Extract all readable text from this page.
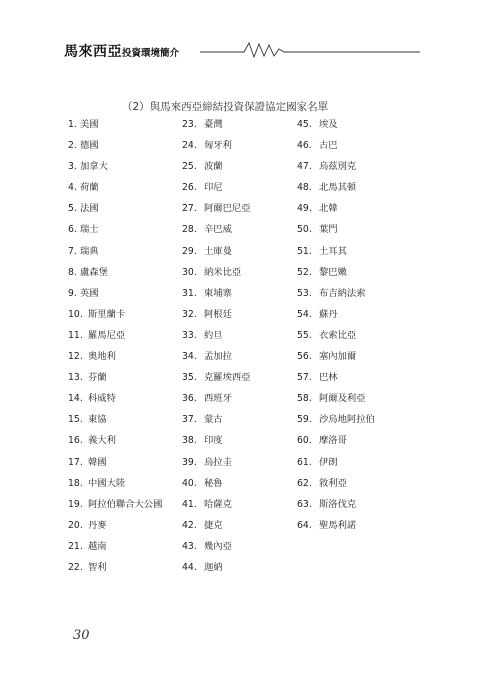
馬來西亞投資環境簡介
（2）與馬來西亞締結投資保證協定國家名單
1. 美國
2. 德國
3. 加拿大
4. 荷蘭
5. 法國
6. 瑞士
7. 瑞典
8. 盧森堡
9. 英國
10. 斯里蘭卡
11. 羅馬尼亞
12. 奧地利
13. 芬蘭
14. 科威特
15. 東協
16. 義大利
17. 韓國
18. 中國大陸
19. 阿拉伯聯合大公國
20. 丹麥
21. 越南
22. 智利
23. 臺灣
24. 匈牙利
25. 波蘭
26. 印尼
27. 阿爾巴尼亞
28. 辛巴威
29. 土庫曼
30. 納米比亞
31. 柬埔寨
32. 阿根廷
33. 約旦
34. 孟加拉
35. 克羅埃西亞
36. 西班牙
37. 蒙古
38. 印度
39. 烏拉圭
40. 秘魯
41. 哈薩克
42. 捷克
43. 幾內亞
44. 迦納
45. 埃及
46. 古巴
47. 烏茲別克
48. 北馬其頓
49. 北韓
50. 葉門
51. 土耳其
52. 黎巴嫩
53. 布吉納法索
54. 蘇丹
55. 衣索比亞
56. 塞內加爾
57. 巴林
58. 阿爾及利亞
59. 沙烏地阿拉伯
60. 摩洛哥
61. 伊朗
62. 敘利亞
63. 斯洛伐克
64. 聖馬利諾
30
